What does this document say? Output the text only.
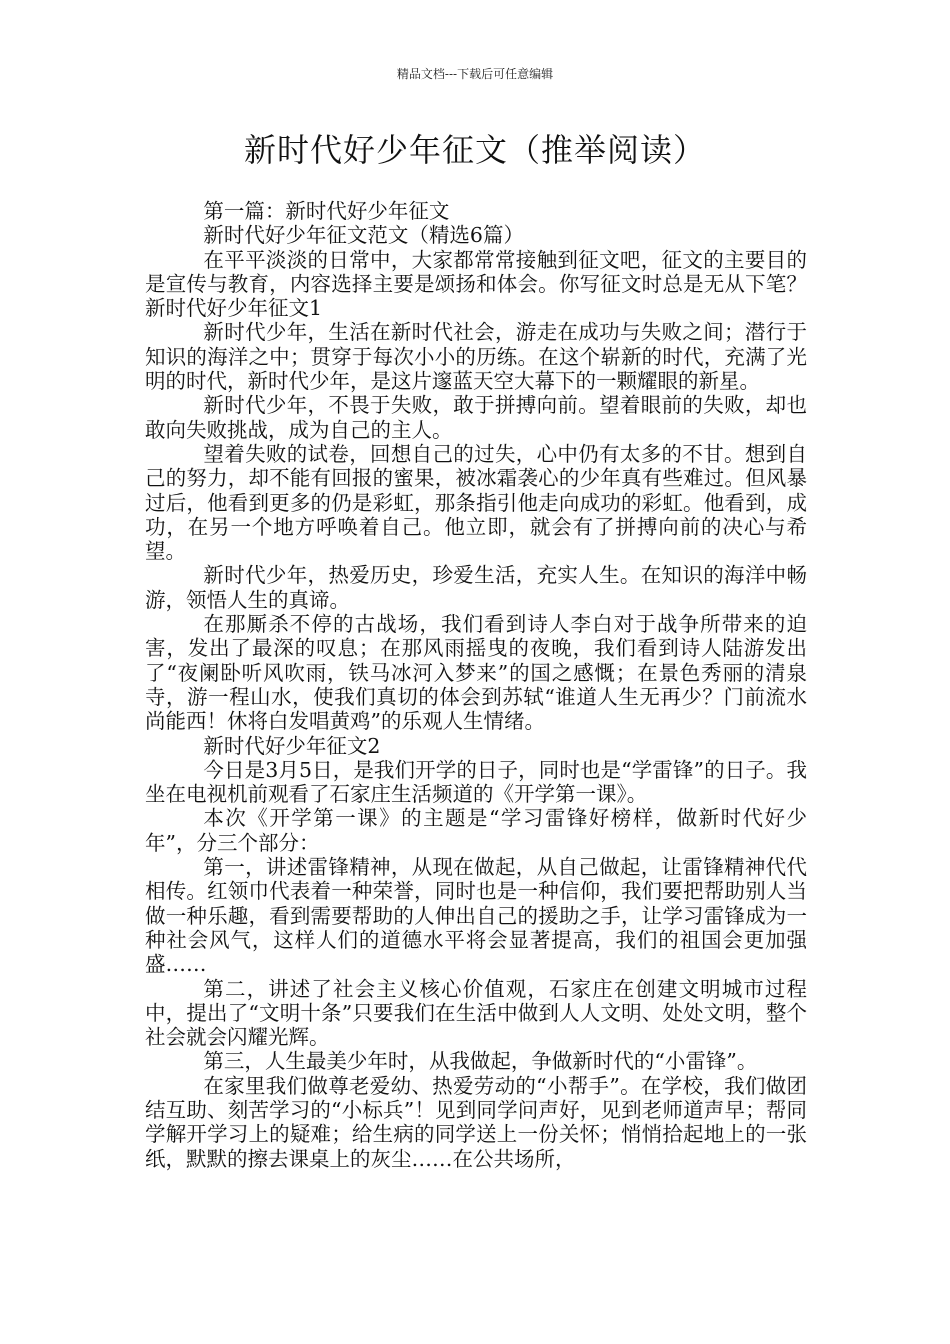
精品文档---下载后可任意编辑
新时代好少年征文（推举阅读）

第一篇：新时代好少年征文

新时代好少年征文范文（精选6篇）

在平平淡淡的日常中，大家都常常接触到征文吧，征文的主要目的是宣传与教育，内容选择主要是颂扬和体会。你写征文时总是无从下笔？新时代好少年征文1

新时代少年，生活在新时代社会，游走在成功与失败之间；潜行于知识的海洋之中；贯穿于每次小小的历练。在这个崭新的时代，充满了光明的时代，新时代少年，是这片邃蓝天空大幕下的一颗耀眼的新星。

新时代少年，不畏于失败，敢于拼搏向前。望着眼前的失败，却也敢向失败挑战，成为自己的主人。

望着失败的试卷，回想自己的过失，心中仍有太多的不甘。想到自己的努力，却不能有回报的蜜果，被冰霜袭心的少年真有些难过。但风暴过后，他看到更多的仍是彩虹，那条指引他走向成功的彩虹。他看到，成功，在另一个地方呼唤着自己。他立即，就会有了拼搏向前的决心与希望。

新时代少年，热爱历史，珍爱生活，充实人生。在知识的海洋中畅游，领悟人生的真谛。

在那厮杀不停的古战场，我们看到诗人李白对于战争所带来的迫害，发出了最深的叹息；在那风雨摇曳的夜晚，我们看到诗人陆游发出了“夜阑卧听风吹雨，铁马冰河入梦来”的国之感慨；在景色秀丽的清泉寺，游一程山水，使我们真切的体会到苏轼“谁道人生无再少？门前流水尚能西！休将白发唱黄鸡”的乐观人生情绪。

新时代好少年征文2

今日是3月5日，是我们开学的日子，同时也是“学雷锋”的日子。我坐在电视机前观看了石家庄生活频道的《开学第一课》。

本次《开学第一课》的主题是“学习雷锋好榜样，做新时代好少年”，分三个部分：

第一，讲述雷锋精神，从现在做起，从自己做起，让雷锋精神代代相传。红领巾代表着一种荣誉，同时也是一种信仰，我们要把帮助别人当做一种乐趣，看到需要帮助的人伸出自己的援助之手，让学习雷锋成为一种社会风气，这样人们的道德水平将会显著提高，我们的祖国会更加强盛……

第二，讲述了社会主义核心价值观，石家庄在创建文明城市过程中，提出了“文明十条”只要我们在生活中做到人人文明、处处文明，整个社会就会闪耀光辉。

第三，人生最美少年时，从我做起，争做新时代的“小雷锋”。

在家里我们做尊老爱幼、热爱劳动的“小帮手”。在学校，我们做团结互助、刻苦学习的“小标兵”！见到同学问声好，见到老师道声早；帮同学解开学习上的疑难；给生病的同学送上一份关怀；悄悄拾起地上的一张纸，默默的擦去课桌上的灰尘……在公共场所，
